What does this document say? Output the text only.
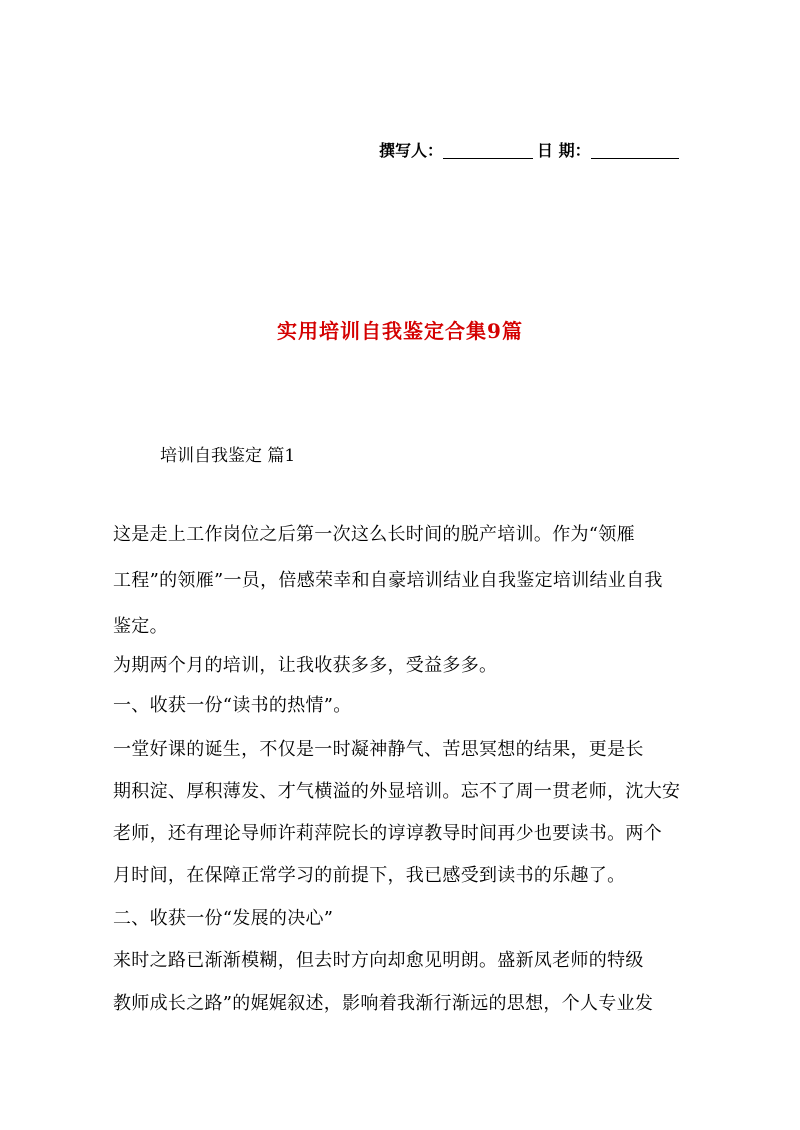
撰写人：	日 期：
实用培训自我鉴定合集9篇
培训自我鉴定 篇1
这是走上工作岗位之后第一次这么长时间的脱产培训。作为“领雁
工程”的领雁”一员，倍感荣幸和自豪培训结业自我鉴定培训结业自我
鉴定。
为期两个月的培训，让我收获多多，受益多多。
一、收获一份“读书的热情”。
一堂好课的诞生，不仅是一时凝神静气、苦思冥想的结果，更是长
期积淀、厚积薄发、才气横溢的外显培训。忘不了周一贯老师，沈大安
老师，还有理论导师许莉萍院长的谆谆教导时间再少也要读书。两个
月时间，在保障正常学习的前提下，我已感受到读书的乐趣了。
二、收获一份“发展的决心”
来时之路已渐渐模糊，但去时方向却愈见明朗。盛新凤老师的特级
教师成长之路”的娓娓叙述，影响着我渐行渐远的思想，个人专业发
